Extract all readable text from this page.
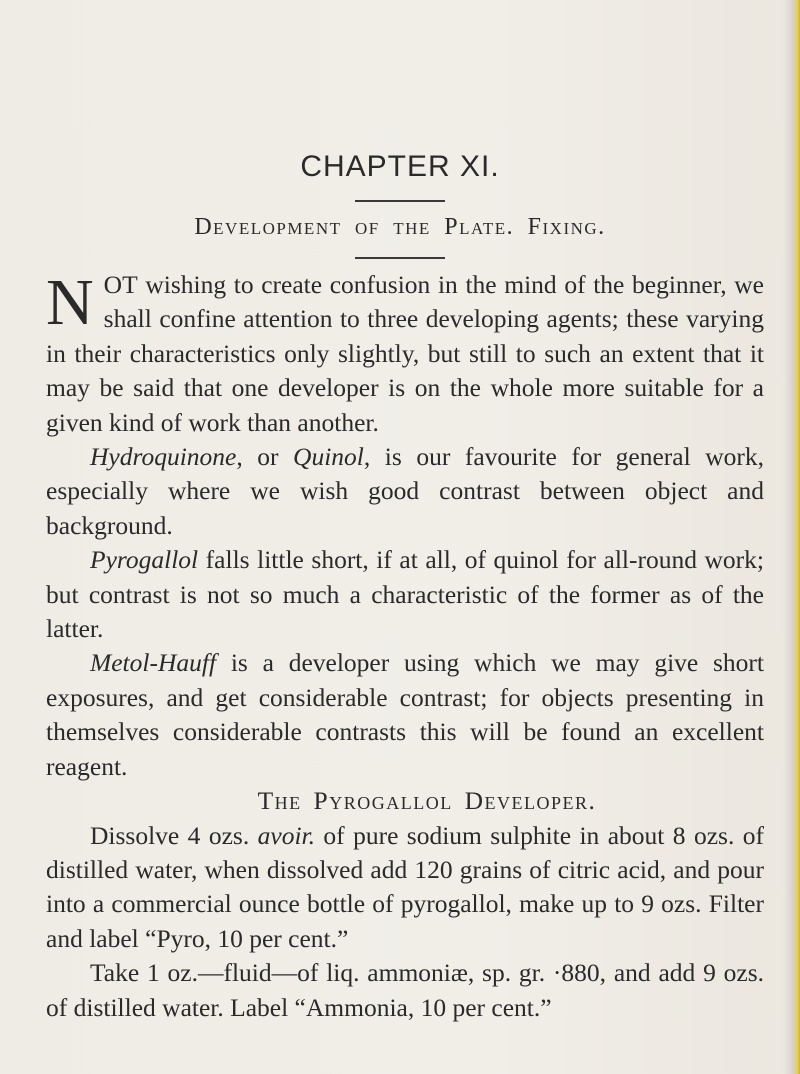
CHAPTER XI.
Development of the Plate. Fixing.

NOT wishing to create confusion in the mind of the beginner, we shall confine attention to three developing agents; these varying in their characteristics only slightly, but still to such an extent that it may be said that one developer is on the whole more suitable for a given kind of work than another.

Hydroquinone, or Quinol, is our favourite for general work, especially where we wish good contrast between object and background.

Pyrogallol falls little short, if at all, of quinol for all-round work; but contrast is not so much a characteristic of the former as of the latter.

Metol-Hauff is a developer using which we may give short exposures, and get considerable contrast; for objects presenting in themselves considerable contrasts this will be found an excellent reagent.

The Pyrogallol Developer.

Dissolve 4 ozs. avoir. of pure sodium sulphite in about 8 ozs. of distilled water, when dissolved add 120 grains of citric acid, and pour into a commercial ounce bottle of pyrogallol, make up to 9 ozs. Filter and label “Pyro, 10 per cent.”

Take 1 oz.—fluid—of liq. ammoniæ, sp. gr. ·880, and add 9 ozs. of distilled water. Label “Ammonia, 10 per cent.”
